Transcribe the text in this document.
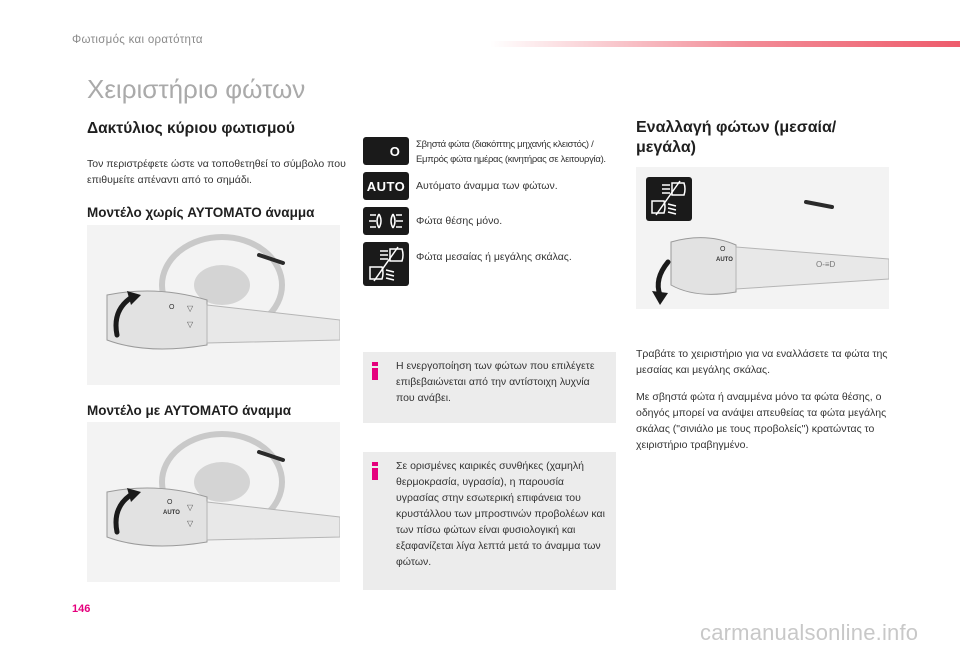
Φωτισμός και ορατότητα
Χειριστήριο φώτων
Δακτύλιος κύριου φωτισμού

Τον περιστρέφετε ώστε να τοποθετηθεί το σύμβολο που επιθυμείτε απέναντι από το σημάδι.

Μοντέλο χωρίς AYTOMATO άναμμα
O ▽
▽
Μοντέλο με AYTOMATO άναμμα
O
AUTO
▽
▽
O Σβηστά φώτα (διακόπτης μηχανής κλειστός) / Εμπρός φώτα ημέρας (κινητήρας σε λειτουργία).
AUTO Αυτόματο άναμμα των φώτων.
Φώτα θέσης μόνο.
Φώτα μεσαίας ή μεγάλης σκάλας.
Η ενεργοποίηση των φώτων που επιλέγετε επιβεβαιώνεται από την αντίστοιχη λυχνία που ανάβει.
Σε ορισμένες καιρικές συνθήκες (χαμηλή θερμοκρασία, υγρασία), η παρουσία υγρασίας στην εσωτερική επιφάνεια του κρυστάλλου των μπροστινών προβολέων και των πίσω φώτων είναι φυσιολογική και εξαφανίζεται λίγα λεπτά μετά το άναμμα των φώτων.
Εναλλαγή φώτων (μεσαία/μεγάλα)
O
AUTO	O-≡D

Τραβάτε το χειριστήριο για να εναλλάσετε τα φώτα της μεσαίας και μεγάλης σκάλας.

Με σβηστά φώτα ή αναμμένα μόνο τα φώτα θέσης, ο οδηγός μπορεί να ανάψει απευθείας τα φώτα μεγάλης σκάλας ("σινιάλο με τους προβολείς") κρατώντας το χειριστήριο τραβηγμένο.

146
carmanualsonline.info
